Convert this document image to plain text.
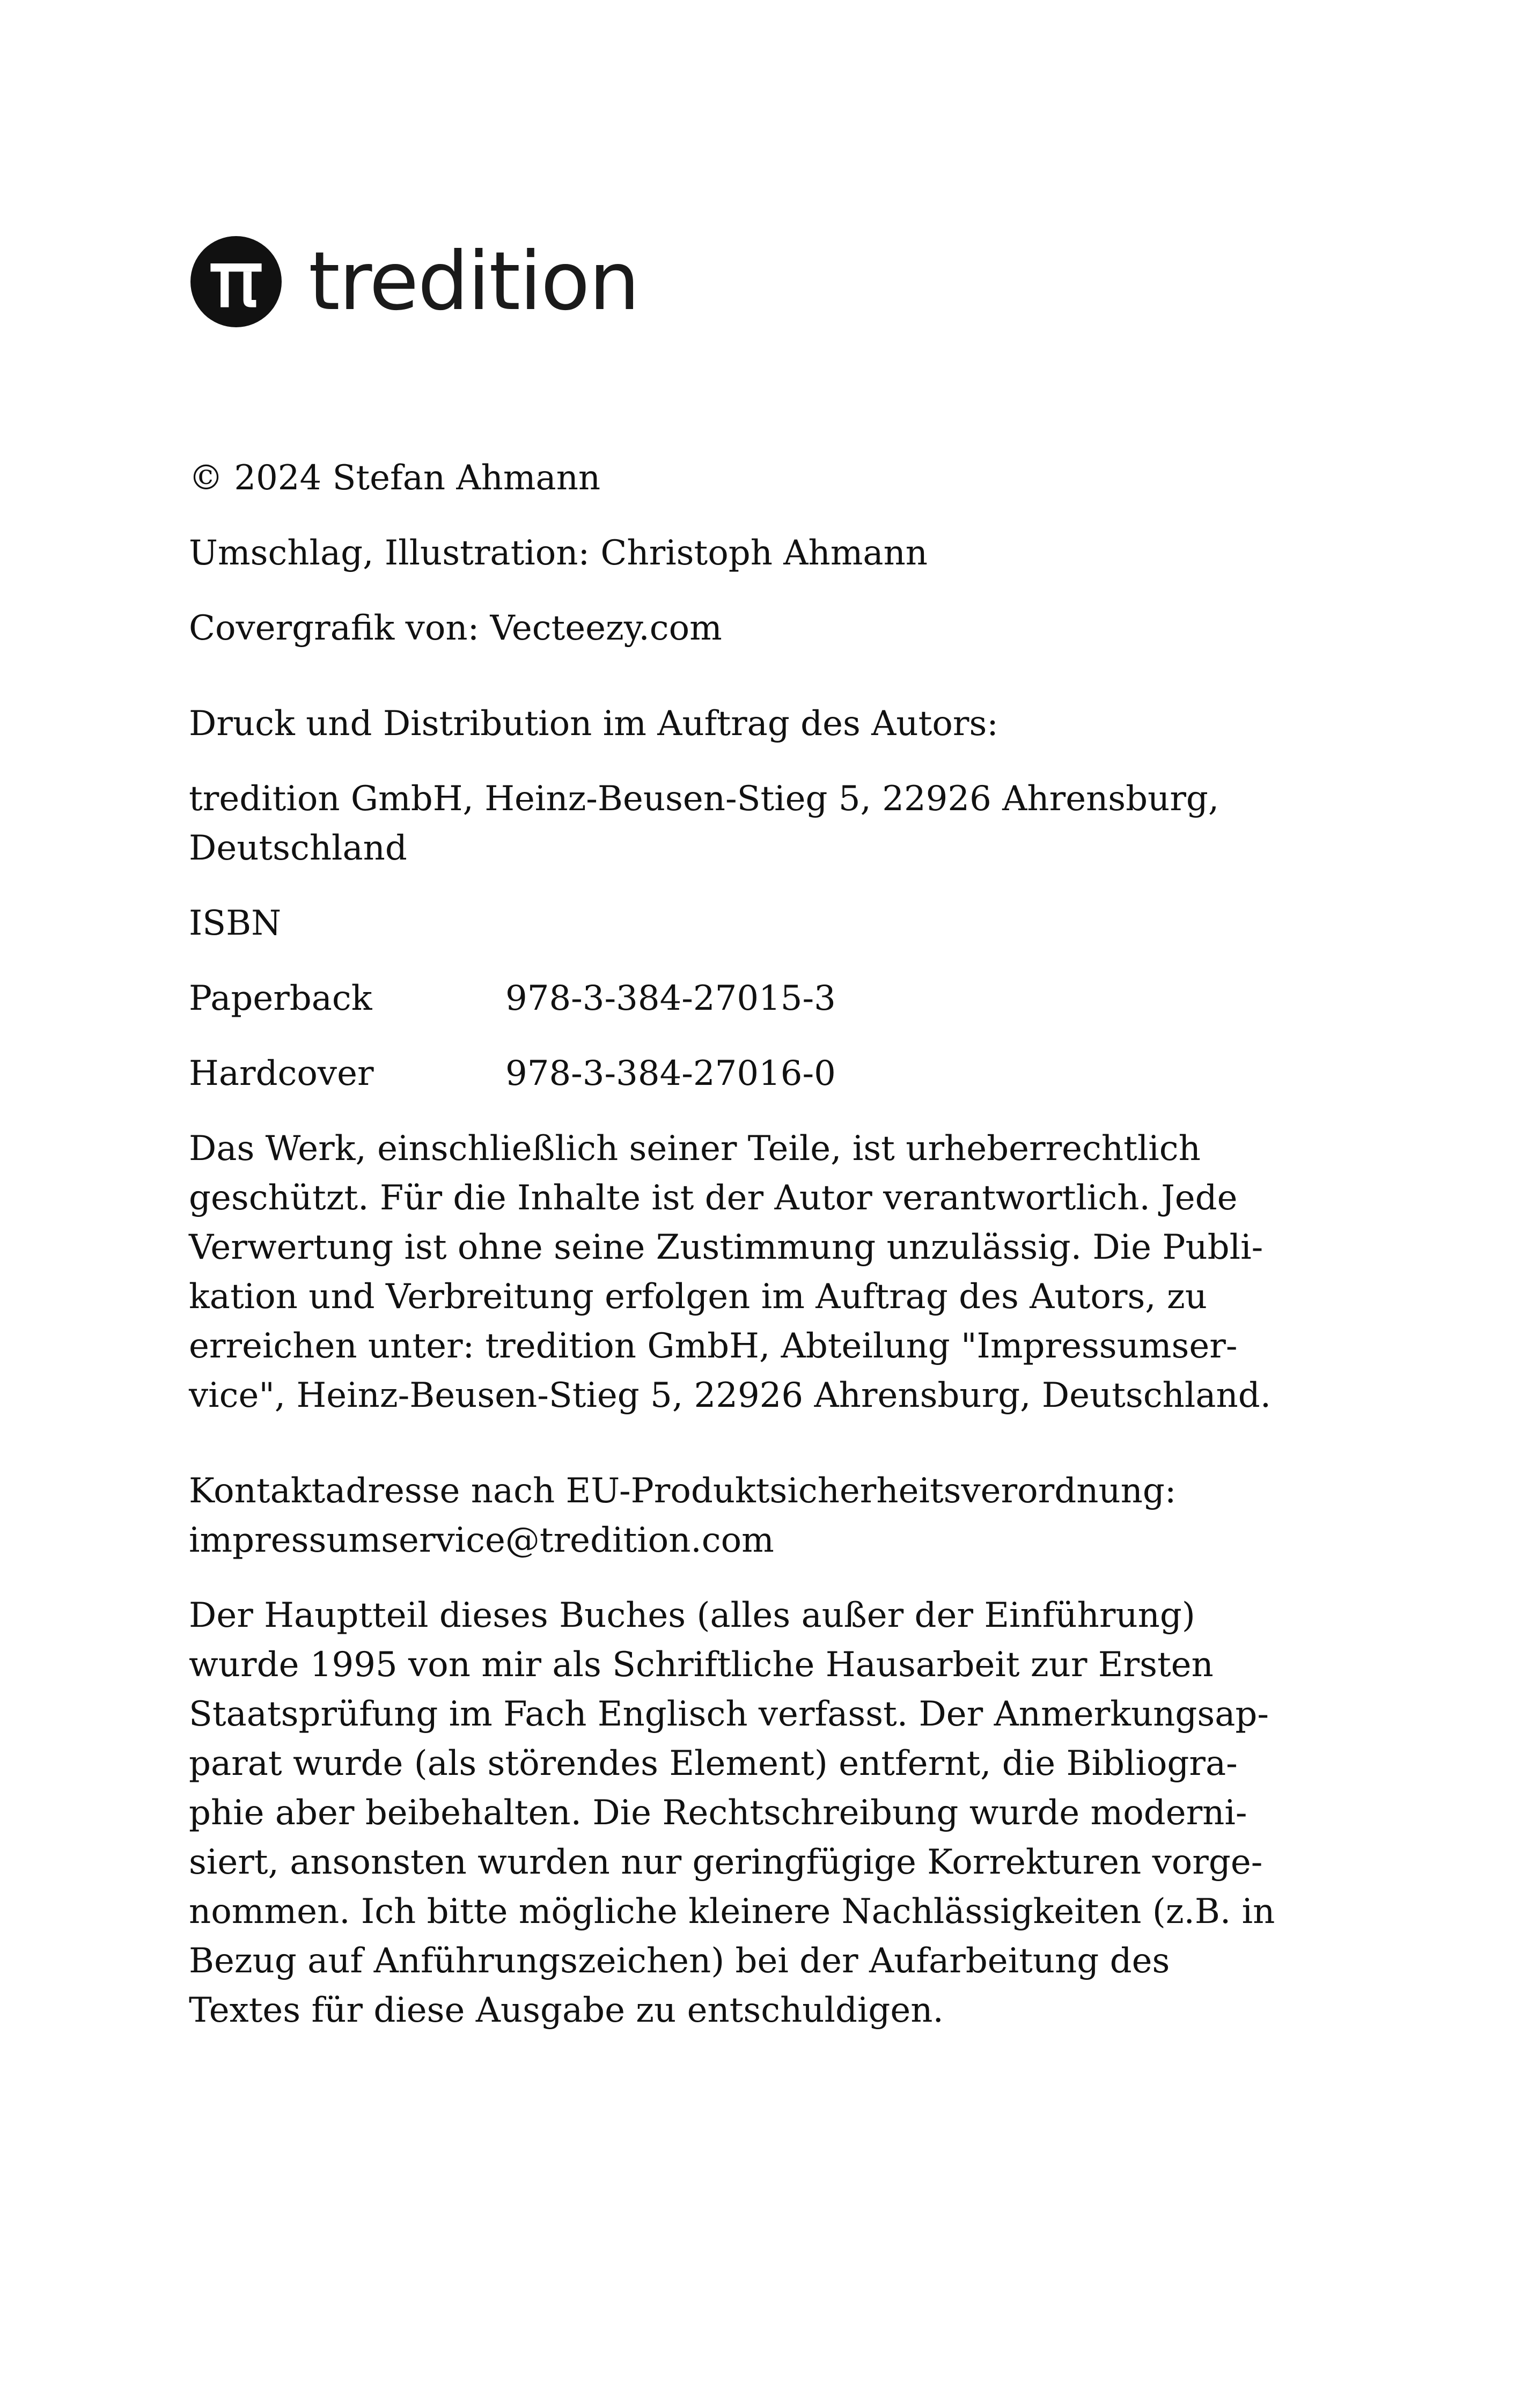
tredition
© 2024 Stefan Ahmann
Umschlag, Illustration: Christoph Ahmann
Covergrafik von: Vecteezy.com
Druck und Distribution im Auftrag des Autors:
tredition GmbH, Heinz-Beusen-Stieg 5, 22926 Ahrensburg,
Deutschland
ISBN
Paperback	978-3-384-27015-3
Hardcover	978-3-384-27016-0
Das Werk, einschließlich seiner Teile, ist urheberrechtlich
geschützt. Für die Inhalte ist der Autor verantwortlich. Jede
Verwertung ist ohne seine Zustimmung unzulässig. Die Publi-
kation und Verbreitung erfolgen im Auftrag des Autors, zu
erreichen unter: tredition GmbH, Abteilung "Impressumser-
vice", Heinz-Beusen-Stieg 5, 22926 Ahrensburg, Deutschland.
Kontaktadresse nach EU-Produktsicherheitsverordnung:
impressumservice@tredition.com
Der Hauptteil dieses Buches (alles außer der Einführung)
wurde 1995 von mir als Schriftliche Hausarbeit zur Ersten
Staatsprüfung im Fach Englisch verfasst. Der Anmerkungsap-
parat wurde (als störendes Element) entfernt, die Bibliogra-
phie aber beibehalten. Die Rechtschreibung wurde moderni-
siert, ansonsten wurden nur geringfügige Korrekturen vorge-
nommen. Ich bitte mögliche kleinere Nachlässigkeiten (z.B. in
Bezug auf Anführungszeichen) bei der Aufarbeitung des
Textes für diese Ausgabe zu entschuldigen.
